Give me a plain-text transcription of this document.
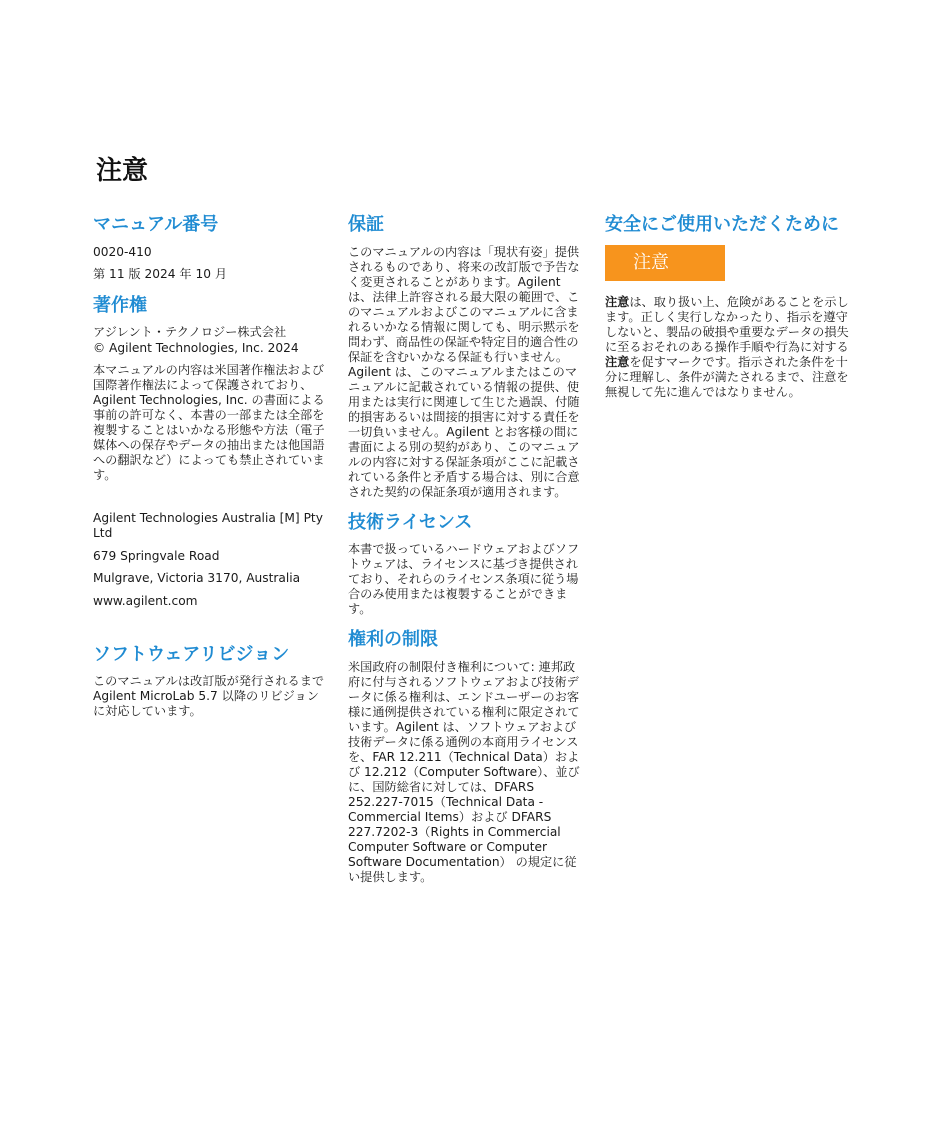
注意
マニュアル番号

0020-410

第 11 版 2024 年 10 月

著作権

アジレント・テクノロジー株式会社

© Agilent Technologies, Inc. 2024

本マニュアルの内容は米国著作権法および国際著作権法によって保護されており、Agilent Technologies, Inc. の書面による事前の許可なく、本書の一部または全部を複製することはいかなる形態や方法（電子媒体への保存やデータの抽出または他国語への翻訳など）によっても禁止されています。

Agilent Technologies Australia [M] Pty Ltd

679 Springvale Road

Mulgrave, Victoria 3170, Australia

www.agilent.com

ソフトウェアリビジョン

このマニュアルは改訂版が発行されるまで Agilent MicroLab 5.7 以降のリビジョンに対応しています。

保証

このマニュアルの内容は「現状有姿」提供されるものであり、将来の改訂版で予告なく変更されることがあります。Agilent は、法律上許容される最大限の範囲で、このマニュアルおよびこのマニュアルに含まれるいかなる情報に関しても、明示黙示を問わず、商品性の保証や特定目的適合性の保証を含むいかなる保証も行いません。Agilent は、このマニュアルまたはこのマニュアルに記載されている情報の提供、使用または実行に関連して生じた過誤、付随的損害あるいは間接的損害に対する責任を一切負いません。Agilent とお客様の間に書面による別の契約があり、このマニュアルの内容に対する保証条項がここに記載されている条件と矛盾する場合は、別に合意された契約の保証条項が適用されます。

技術ライセンス

本書で扱っているハードウェアおよびソフトウェアは、ライセンスに基づき提供されており、それらのライセンス条項に従う場合のみ使用または複製することができます。

権利の制限

米国政府の制限付き権利について: 連邦政府に付与されるソフトウェアおよび技術データに係る権利は、エンドユーザーのお客様に通例提供されている権利に限定されています。Agilent は、ソフトウェアおよび技術データに係る通例の本商用ライセンスを、FAR 12.211（Technical Data）および 12.212（Computer Software）、並びに、国防総省に対しては、DFARS 252.227-7015（Technical Data - Commercial Items）および DFARS 227.7202-3（Rights in Commercial Computer Software or Computer Software Documentation） の規定に従い提供します。

安全にご使用いただくために
注意

注意は、取り扱い上、危険があることを示します。正しく実行しなかったり、指示を遵守しないと、製品の破損や重要なデータの損失に至るおそれのある操作手順や行為に対する注意を促すマークです。指示された条件を十分に理解し、条件が満たされるまで、注意を無視して先に進んではなりません。
